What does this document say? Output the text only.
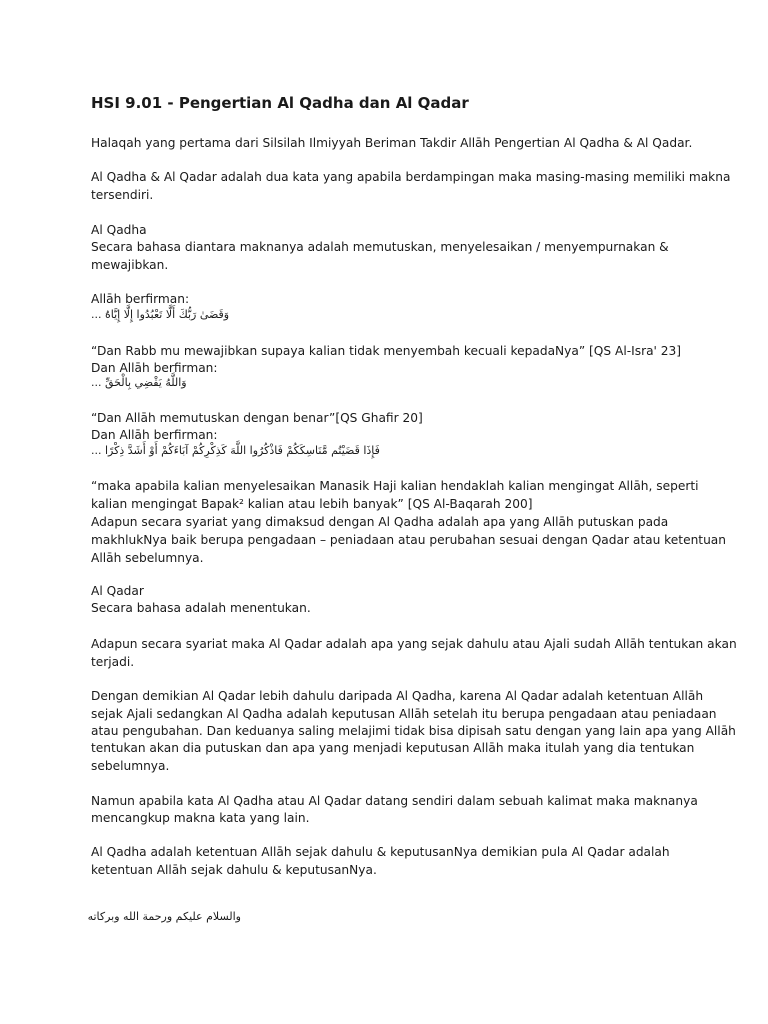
HSI 9.01 - Pengertian Al Qadha dan Al Qadar
Halaqah yang pertama dari Silsilah Ilmiyyah Beriman Takdir Allāh Pengertian Al Qadha & Al Qadar.
Al Qadha & Al Qadar adalah dua kata yang apabila berdampingan maka masing-masing memiliki makna
tersendiri.
Al Qadha
Secara bahasa diantara maknanya adalah memutuskan, menyelesaikan / menyempurnakan &
mewajibkan.
Allāh berfirman:
وَقَضَىٰ رَبُّكَ أَلَّا تَعْبُدُوا إِلَّا إِيَّاهُ ...
“Dan Rabb mu mewajibkan supaya kalian tidak menyembah kecuali kepadaNya” [QS Al-Isra' 23]
Dan Allāh berfirman:
وَاللَّهُ يَقْضِي بِالْحَقِّ ...
“Dan Allāh memutuskan dengan benar”[QS Ghafir 20]
Dan Allāh berfirman:
فَإِذَا قَضَيْتُم مَّنَاسِكَكُمْ فَاذْكُرُوا اللَّهَ كَذِكْرِكُمْ آبَاءَكُمْ أَوْ أَشَدَّ ذِكْرًا ...
“maka apabila kalian menyelesaikan Manasik Haji kalian hendaklah kalian mengingat Allāh, seperti
kalian mengingat Bapak² kalian atau lebih banyak” [QS Al-Baqarah 200]
Adapun secara syariat yang dimaksud dengan Al Qadha adalah apa yang Allāh putuskan pada
makhlukNya baik berupa pengadaan – peniadaan atau perubahan sesuai dengan Qadar atau ketentuan
Allāh sebelumnya.
Al Qadar
Secara bahasa adalah menentukan.
Adapun secara syariat maka Al Qadar adalah apa yang sejak dahulu atau Ajali sudah Allāh tentukan akan
terjadi.
Dengan demikian Al Qadar lebih dahulu daripada Al Qadha, karena Al Qadar adalah ketentuan Allāh
sejak Ajali sedangkan Al Qadha adalah keputusan Allāh setelah itu berupa pengadaan atau peniadaan
atau pengubahan. Dan keduanya saling melajimi tidak bisa dipisah satu dengan yang lain apa yang Allāh
tentukan akan dia putuskan dan apa yang menjadi keputusan Allāh maka itulah yang dia tentukan
sebelumnya.
Namun apabila kata Al Qadha atau Al Qadar datang sendiri dalam sebuah kalimat maka maknanya
mencangkup makna kata yang lain.
Al Qadha adalah ketentuan Allāh sejak dahulu & keputusanNya demikian pula Al Qadar adalah
ketentuan Allāh sejak dahulu & keputusanNya.
والسلام عليكم ورحمة الله وبركاته
